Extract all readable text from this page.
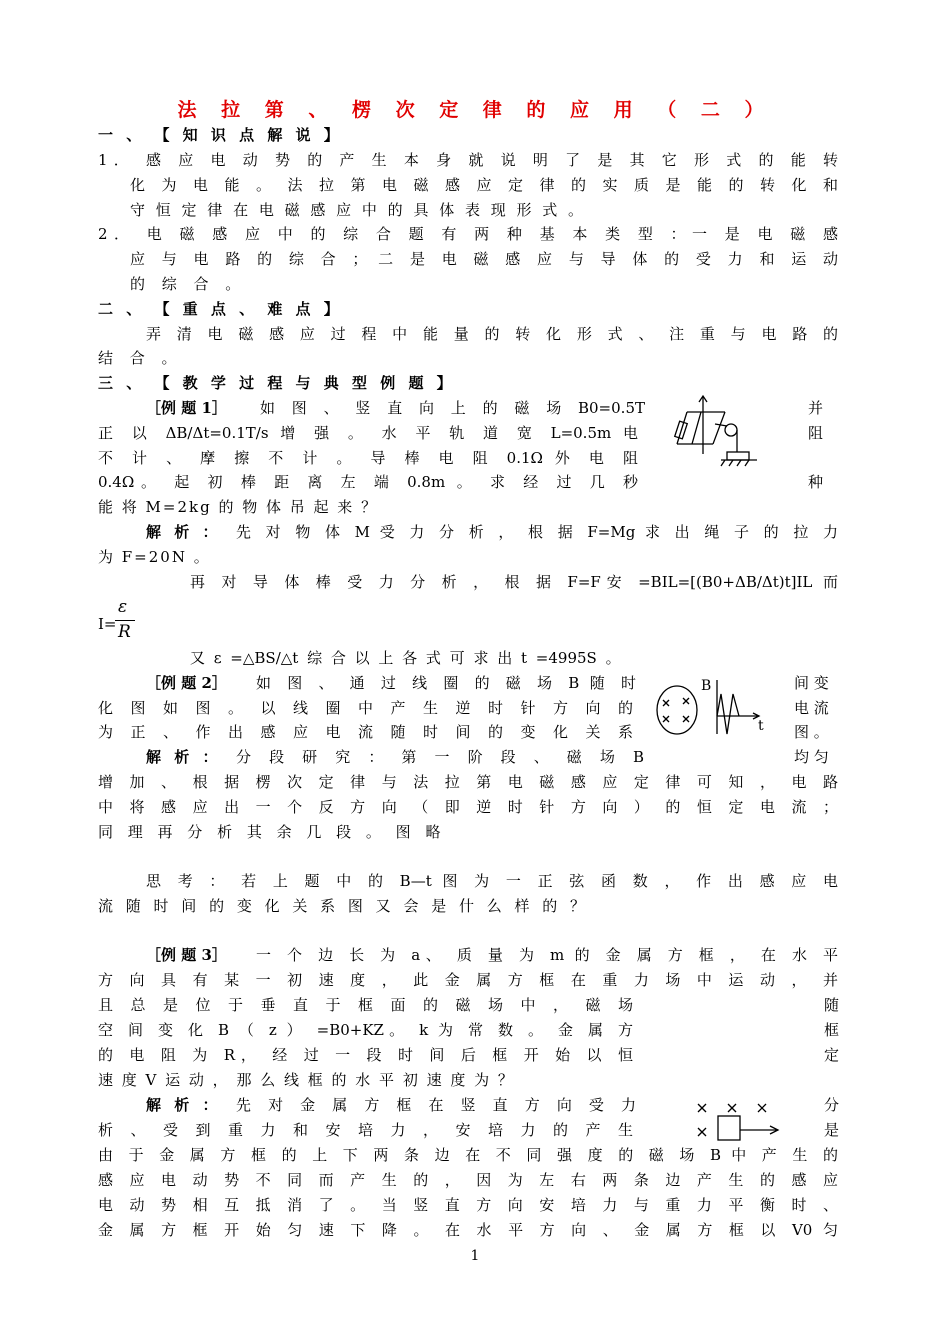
法 拉 第 、 楞 次 定 律 的 应 用 （ 二 ）
一 、 【 知 识 点 解 说 】
1． 感 应 电 动 势 的 产 生 本 身 就 说 明 了 是 其 它 形 式 的 能 转
化 为 电 能 。 法 拉 第 电 磁 感 应 定 律 的 实 质 是 能 的 转 化 和
守 恒 定 律 在 电 磁 感 应 中 的 具 体 表 现 形 式 。
2． 电 磁 感 应 中 的 综 合 题 有 两 种 基 本 类 型 ：一 是 电 磁 感
应 与 电 路 的 综 合 ； 二 是 电 磁 感 应 与 导 体 的 受 力 和 运 动
的 综 合 。
二 、 【 重 点 、 难 点 】
弄 清 电 磁 感 应 过 程 中 能 量 的 转 化 形 式 、 注 重 与 电 路 的
结 合 。
三 、 【 教 学 过 程 与 典 型 例 题 】
［例 题 1］ 如 图 、 竖 直 向 上 的 磁 场 B0=0.5T
正 以 ΔB/Δt=0.1T/s 增 强 。 水 平 轨 道 宽 L=0.5m 电
不 计 、 摩 擦 不 计 。 导 棒 电 阻 0.1Ω 外 电 阻
0.4Ω。 起 初 棒 距 离 左 端 0.8m 。 求 经 过 几 秒
能 将 M=2kg 的 物 体 吊 起 来 ？
并
阻
种
解 析 ： 先 对 物 体 M 受 力 分 析 ， 根 据 F=Mg 求 出 绳 子 的 拉 力
为 F=20N 。
再 对 导 体 棒 受 力 分 析 ， 根 据 F=F安 =BIL=[(B0+ΔB/Δt)t]IL 而
I=
ε
R
又 ε =△BS/△t 综 合 以 上 各 式 可 求 出 t =4995S 。
［例 题 2］ 如 图 、 通 过 线 圈 的 磁 场 B 随 时
化 图 如 图 。 以 线 圈 中 产 生 逆 时 针 方 向 的
为 正 、 作 出 感 应 电 流 随 时 间 的 变 化 关 系
间 变
电 流
图 。
B
t
解 析 ： 分 段 研 究 ： 第 一 阶 段 、 磁 场 B	均 匀
增 加 、 根 据 楞 次 定 律 与 法 拉 第 电 磁 感 应 定 律 可 知 ， 电 路
中 将 感 应 出 一 个 反 方 向 （ 即 逆 时 针 方 向 ） 的 恒 定 电 流 ；
同 理 再 分 析 其 余 几 段 。 图 略
思 考 ： 若 上 题 中 的 B—t 图 为 一 正 弦 函 数 ， 作 出 感 应 电
流 随 时 间 的 变 化 关 系 图 又 会 是 什 么 样 的 ？
［例 题 3］ 一 个 边 长 为 a、 质 量 为 m 的 金 属 方 框 ， 在 水 平
方 向 具 有 某 一 初 速 度 ， 此 金 属 方 框 在 重 力 场 中 运 动 ， 并
且 总 是 位 于 垂 直 于 框 面 的 磁 场 中 ， 磁 场
空 间 变 化 B （ z ） =B0+KZ。 k 为 常 数 。 金 属 方
的 电 阻 为 R， 经 过 一 段 时 间 后 框 开 始 以 恒
速 度 V 运 动 ， 那 么 线 框 的 水 平 初 速 度 为 ？
随
框
定
解 析 ： 先 对 金 属 方 框 在 竖 直 方 向 受 力	分
析 、 受 到 重 力 和 安 培 力 ， 安 培 力 的 产 生	是
由 于 金 属 方 框 的 上 下 两 条 边 在 不 同 强 度 的 磁 场 B 中 产 生 的
感 应 电 动 势 不 同 而 产 生 的 ， 因 为 左 右 两 条 边 产 生 的 感 应
电 动 势 相 互 抵 消 了 。 当 竖 直 方 向 安 培 力 与 重 力 平 衡 时 、
金 属 方 框 开 始 匀 速 下 降 。 在 水 平 方 向 、 金 属 方 框 以 V0 匀
1
